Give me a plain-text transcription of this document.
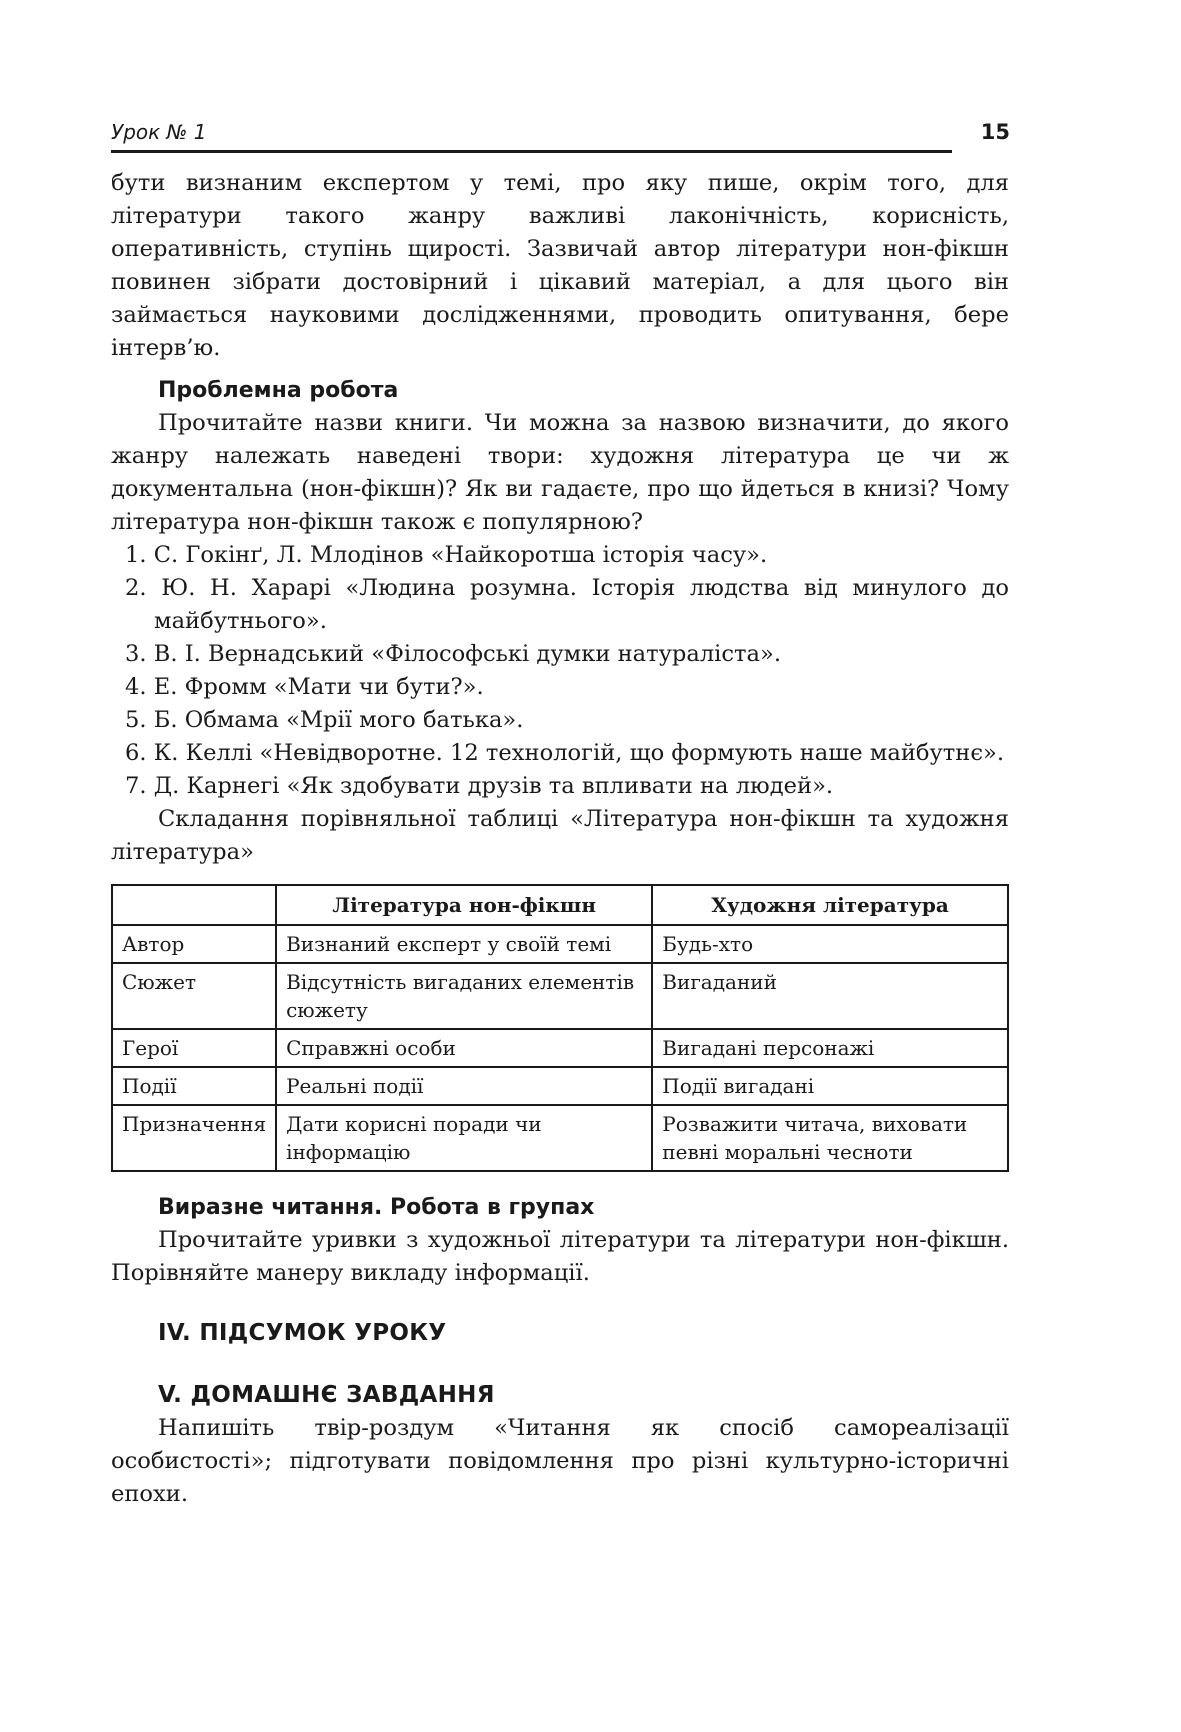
Урок № 1	15

бути визнаним експертом у темі, про яку пише, окрім того, для літератури такого жанру важливі лаконічність, корисність, оперативність, ступінь щирості. Зазвичай автор літератури нон-фікшн повинен зібрати достовірний і цікавий матеріал, а для цього він займається науковими дослідженнями, проводить опитування, бере інтерв’ю.

Проблемна робота

Прочитайте назви книги. Чи можна за назвою визначити, до якого жанру належать наведені твори: художня література це чи ж документальна (нон-фікшн)? Як ви гадаєте, про що йдеться в книзі? Чому література нон-фікшн також є популярною?

1. С. Гокінґ, Л. Млодінов «Найкоротша історія часу».
2. Ю. Н. Харарі «Людина розумна. Історія людства від минулого до майбутнього».
3. В. І. Вернадський «Філософські думки натураліста».
4. Е. Фромм «Мати чи бути?».
5. Б. Обмама «Мрії мого батька».
6. К. Келлі «Невідворотне. 12 технологій, що формують наше майбутнє».
7. Д. Карнегі «Як здобувати друзів та впливати на людей».

Складання порівняльної таблиці «Література нон-фікшн та художня література»

	Література нон-фікшн	Художня література
Автор	Визнаний експерт у своїй темі	Будь-хто
Сюжет	Відсутність вигаданих елементів сюжету	Вигаданий
Герої	Справжні особи	Вигадані персонажі
Події	Реальні події	Події вигадані
Призначення	Дати корисні поради чи інформацію	Розважити читача, виховати певні моральні чесноти
Виразне читання. Робота в групах

Прочитайте уривки з художньої літератури та літератури нон-фікшн. Порівняйте манеру викладу інформації.

IV. ПІДСУМОК УРОКУ
V. ДОМАШНЄ ЗАВДАННЯ

Напишіть твір-роздум «Читання як спосіб самореалізації особистості»; підготувати повідомлення про різні культурно-історичні епохи.
